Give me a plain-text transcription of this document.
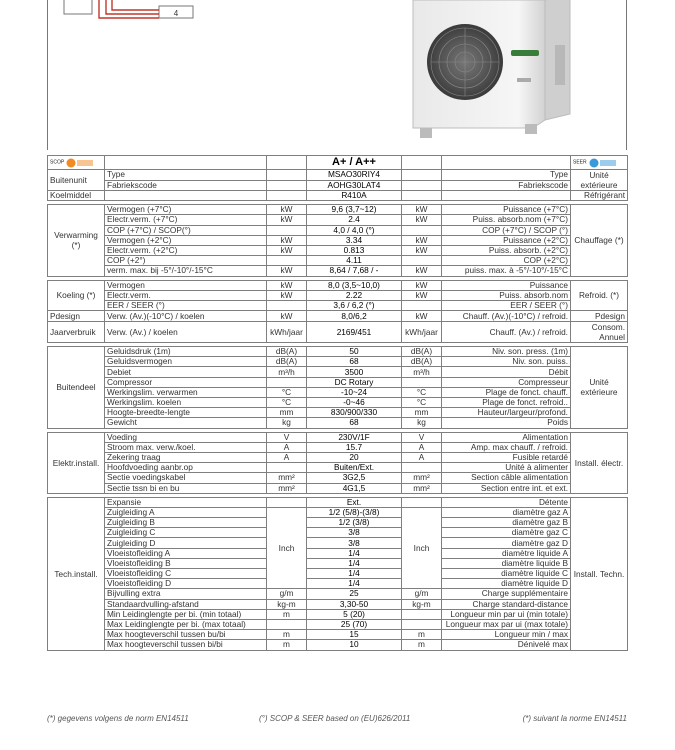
4
SCOP			A+ / A++			SEER
Buitenunit	Type		MSAO30RIY4		Type	Unité extérieure
	Fabriekscode		AOHG30LAT4		Fabriekscode	
Koelmiddel			R410A			Réfrigérant

Verwarming (*)	Vermogen (+7°C)	kW	9,6 (3,7~12)	kW	Puissance (+7°C)	Chauffage (*)
	Electr.verm. (+7°C)	kW	2.4	kW	Puiss. absorb.nom (+7°C)	
	COP (+7°C) / SCOP(°)		4,0 / 4,0 (°)		COP (+7°C) / SCOP (°)	
	Vermogen (+2°C)	kW	3.34	kW	Puissance (+2°C)	
	Electr.verm. (+2°C)	kW	0.813	kW	Puiss. absorb. (+2°C)	
	COP (+2°)		4.11		COP (+2°C)	
	verm. max. bij -5°/-10°/-15°C	kW	8,64 / 7,68 / -	kW	puiss. max. à -5°/-10°/-15°C	

Koeling (*)	Vermogen	kW	8,0 (3,5~10,0)	kW	Puissance	Refroid. (*)
	Electr.verm.	kW	2.22	kW	Puiss. absorb.nom	
	EER / SEER (°)		3,6 / 6,2 (°)		EER / SEER (°)	
Pdesign	Verw. (Av.)(-10°C) / koelen	kW	8,0/6,2	kW	Chauff. (Av.)(-10°C) / refroid.	Pdesign
Jaarverbruik	Verw. (Av.) / koelen	kWh/jaar	2169/451	kWh/jaar	Chauff. (Av.) / refroid.	Consom. Annuel

Buitendeel	Geluidsdruk (1m)	dB(A)	50	dB(A)	Niv. son. press. (1m)	Unité extérieure
	Geluidsvermogen	dB(A)	68	dB(A)	Niv. son. puiss.	
	Debiet	m³/h	3500	m³/h	Débit	
	Compressor		DC Rotary		Compresseur	
	Werkingslim. verwarmen	°C	-10~24	°C	Plage de fonct. chauff.	
	Werkingslim. koelen	°C	-0~46	°C	Plage de fonct. refroid..	
	Hoogte-breedte-lengte	mm	830/900/330	mm	Hauteur/largeur/profond.	
	Gewicht	kg	68	kg	Poids	

Elektr.install.	Voeding	V	230V/1F	V	Alimentation	Install. électr.
	Stroom max. verw./koel.	A	15.7	A	Amp. max chauff. / refroid.	
	Zekering traag	A	20	A	Fusible retardé	
	Hoofdvoeding aanbr.op		Buiten/Ext.		Unité à alimenter	
	Sectie voedingskabel	mm²	3G2,5	mm²	Section câble alimentation	
	Sectie tssn bi en bu	mm²	4G1,5	mm²	Section entre int. et ext.	

Tech.install.	Expansie		Ext.		Détente	Install. Techn.
	Zuigleiding A	Inch	1/2 (5/8)-(3/8)	Inch	diamètre gaz A	
	Zuigleiding B		1/2 (3/8)		diamètre gaz B	
	Zuigleiding C		3/8		diamètre gaz C	
	Zuigleiding D		3/8		diamètre gaz D	
	Vloeistofleiding A		1/4		diamètre liquide A	
	Vloeistofleiding B		1/4		diamètre liquide B	
	Vloeistofleiding C		1/4		diamètre liquide C	
	Vloeistofleiding D		1/4		diamètre liquide D	
	Bijvulling extra	g/m	25	g/m	Charge supplémentaire	
	Standaardvulling-afstand	kg-m	3,30-50	kg-m	Charge standard-distance	
	Min Leidinglengte per bi. (min totaal)	m	5 (20)		Longueur min par ui (min totale)	
	Max Leidinglengte per bi. (max totaal)		25 (70)		Longueur max par ui (max totale)	
	Max hoogteverschil tussen bu/bi	m	15	m	Longueur min / max	
	Max hoogteverschil tussen bi/bi	m	10	m	Dénivelé max	
(*) gegevens volgens de norm EN14511	(°) SCOP & SEER based on (EU)626/2011	(*) suivant la norme EN14511
